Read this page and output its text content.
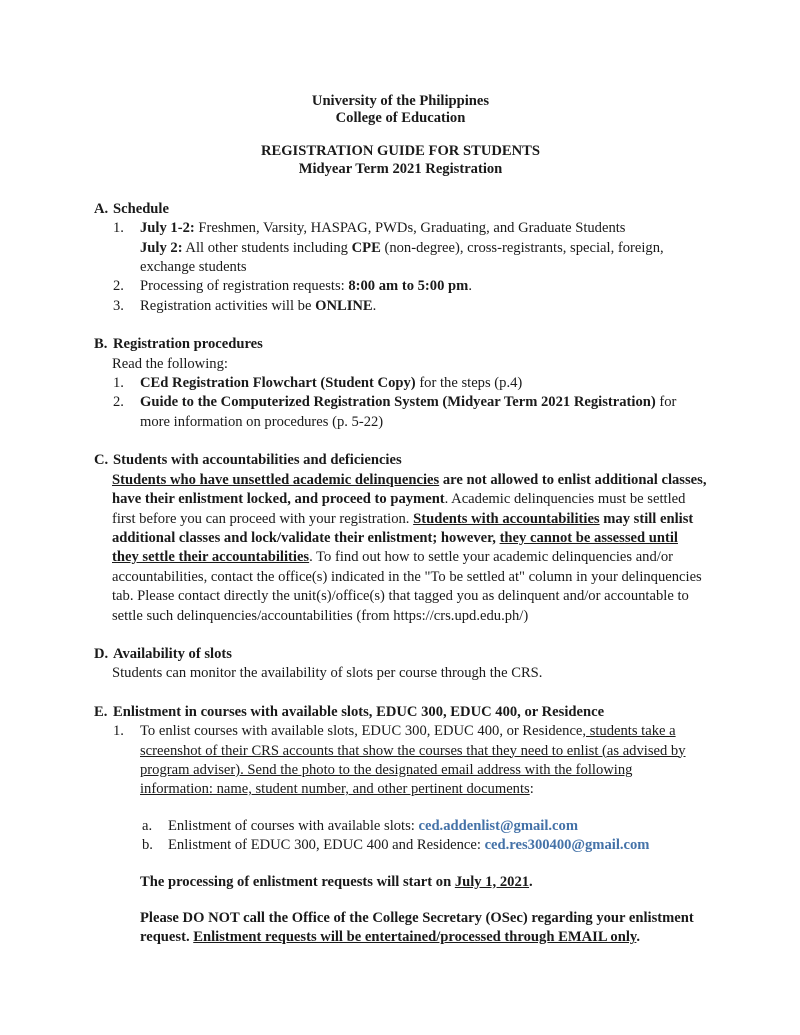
University of the Philippines
College of Education
REGISTRATION GUIDE FOR STUDENTS
Midyear Term 2021 Registration
A. Schedule
1.	July 1-2: Freshmen, Varsity, HASPAG, PWDs, Graduating, and Graduate Students
July 2: All other students including CPE (non-degree), cross-registrants, special, foreign, exchange students
2.	Processing of registration requests: 8:00 am to 5:00 pm.
3.	Registration activities will be ONLINE.
B. Registration procedures
Read the following:
1.	CEd Registration Flowchart (Student Copy) for the steps (p.4)
2.	Guide to the Computerized Registration System (Midyear Term 2021 Registration) for more information on procedures (p. 5-22)
C. Students with accountabilities and deficiencies
Students who have unsettled academic delinquencies are not allowed to enlist additional classes, have their enlistment locked, and proceed to payment. Academic delinquencies must be settled first before you can proceed with your registration. Students with accountabilities may still enlist additional classes and lock/validate their enlistment; however, they cannot be assessed until they settle their accountabilities. To find out how to settle your academic delinquencies and/or accountabilities, contact the office(s) indicated in the "To be settled at" column in your delinquencies tab. Please contact directly the unit(s)/office(s) that tagged you as delinquent and/or accountable to settle such delinquencies/accountabilities (from https://crs.upd.edu.ph/)
D. Availability of slots
Students can monitor the availability of slots per course through the CRS.
E. Enlistment in courses with available slots, EDUC 300, EDUC 400, or Residence
1.	To enlist courses with available slots, EDUC 300, EDUC 400, or Residence, students take a screenshot of their CRS accounts that show the courses that they need to enlist (as advised by program adviser). Send the photo to the designated email address with the following information: name, student number, and other pertinent documents:
a.	Enlistment of courses with available slots: ced.addenlist@gmail.com
b.	Enlistment of EDUC 300, EDUC 400 and Residence: ced.res300400@gmail.com
The processing of enlistment requests will start on July 1, 2021.
Please DO NOT call the Office of the College Secretary (OSec) regarding your enlistment request. Enlistment requests will be entertained/processed through EMAIL only.
